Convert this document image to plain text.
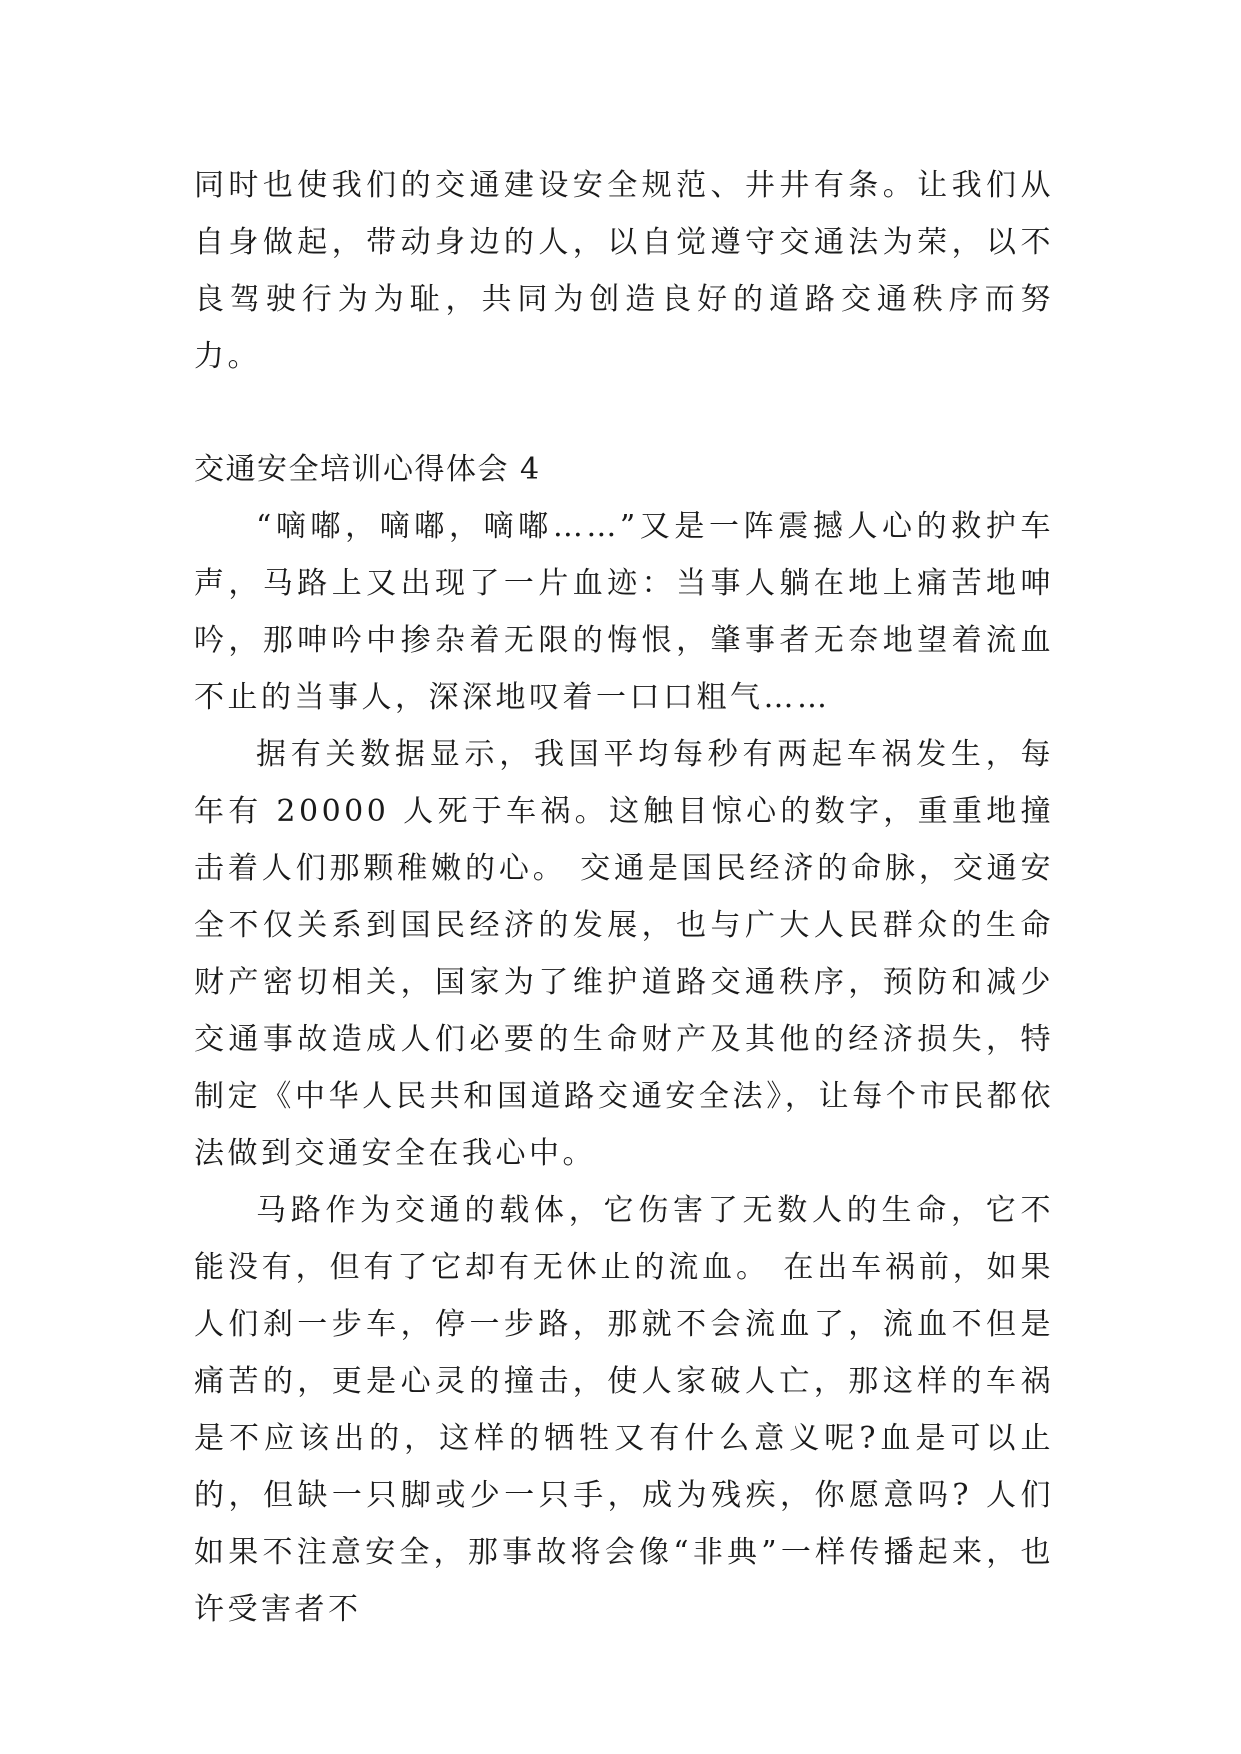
同时也使我们的交通建设安全规范、井井有条。让我们从自身做起，带动身边的人，以自觉遵守交通法为荣，以不良驾驶行为为耻，共同为创造良好的道路交通秩序而努力。

交通安全培训心得体会 4

“嘀嘟，嘀嘟，嘀嘟……”又是一阵震撼人心的救护车声，马路上又出现了一片血迹：当事人躺在地上痛苦地呻吟，那呻吟中掺杂着无限的悔恨，肇事者无奈地望着流血不止的当事人，深深地叹着一口口粗气……

据有关数据显示，我国平均每秒有两起车祸发生，每年有 20000 人死于车祸。这触目惊心的数字，重重地撞击着人们那颗稚嫩的心。 交通是国民经济的命脉，交通安全不仅关系到国民经济的发展，也与广大人民群众的生命财产密切相关，国家为了维护道路交通秩序，预防和减少交通事故造成人们必要的生命财产及其他的经济损失，特制定《中华人民共和国道路交通安全法》，让每个市民都依法做到交通安全在我心中。

马路作为交通的载体，它伤害了无数人的生命，它不能没有，但有了它却有无休止的流血。 在出车祸前，如果人们刹一步车，停一步路，那就不会流血了，流血不但是痛苦的，更是心灵的撞击，使人家破人亡，那这样的车祸是不应该出的，这样的牺牲又有什么意义呢?血是可以止的，但缺一只脚或少一只手，成为残疾，你愿意吗? 人们如果不注意安全，那事故将会像“非典”一样传播起来，也许受害者不
